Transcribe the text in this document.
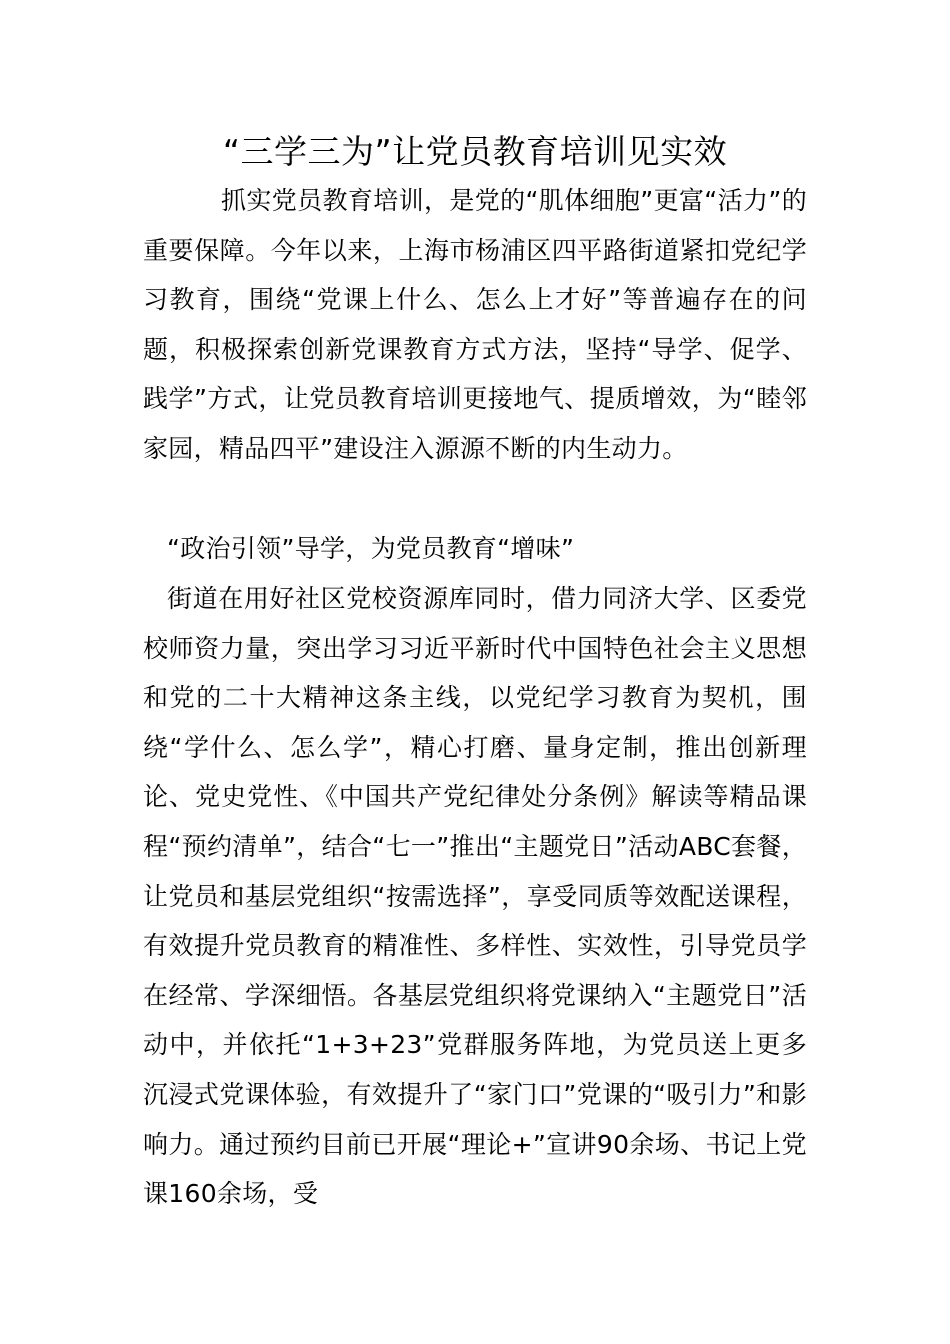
“三学三为”让党员教育培训见实效

抓实党员教育培训，是党的“肌体细胞”更富“活力”的重要保障。今年以来，上海市杨浦区四平路街道紧扣党纪学习教育，围绕“党课上什么、怎么上才好”等普遍存在的问题，积极探索创新党课教育方式方法，坚持“导学、促学、践学”方式，让党员教育培训更接地气、提质增效，为“睦邻家园，精品四平”建设注入源源不断的内生动力。

“政治引领”导学，为党员教育“增味”

街道在用好社区党校资源库同时，借力同济大学、区委党校师资力量，突出学习习近平新时代中国特色社会主义思想和党的二十大精神这条主线，以党纪学习教育为契机，围绕“学什么、怎么学”，精心打磨、量身定制，推出创新理论、党史党性、《中国共产党纪律处分条例》解读等精品课程“预约清单”，结合“七一”推出“主题党日”活动ABC套餐，让党员和基层党组织“按需选择”，享受同质等效配送课程，有效提升党员教育的精准性、多样性、实效性，引导党员学在经常、学深细悟。各基层党组织将党课纳入“主题党日”活动中，并依托“1+3+23”党群服务阵地，为党员送上更多沉浸式党课体验，有效提升了“家门口”党课的“吸引力”和影响力。通过预约目前已开展“理论+”宣讲90余场、书记上党课160余场，受
